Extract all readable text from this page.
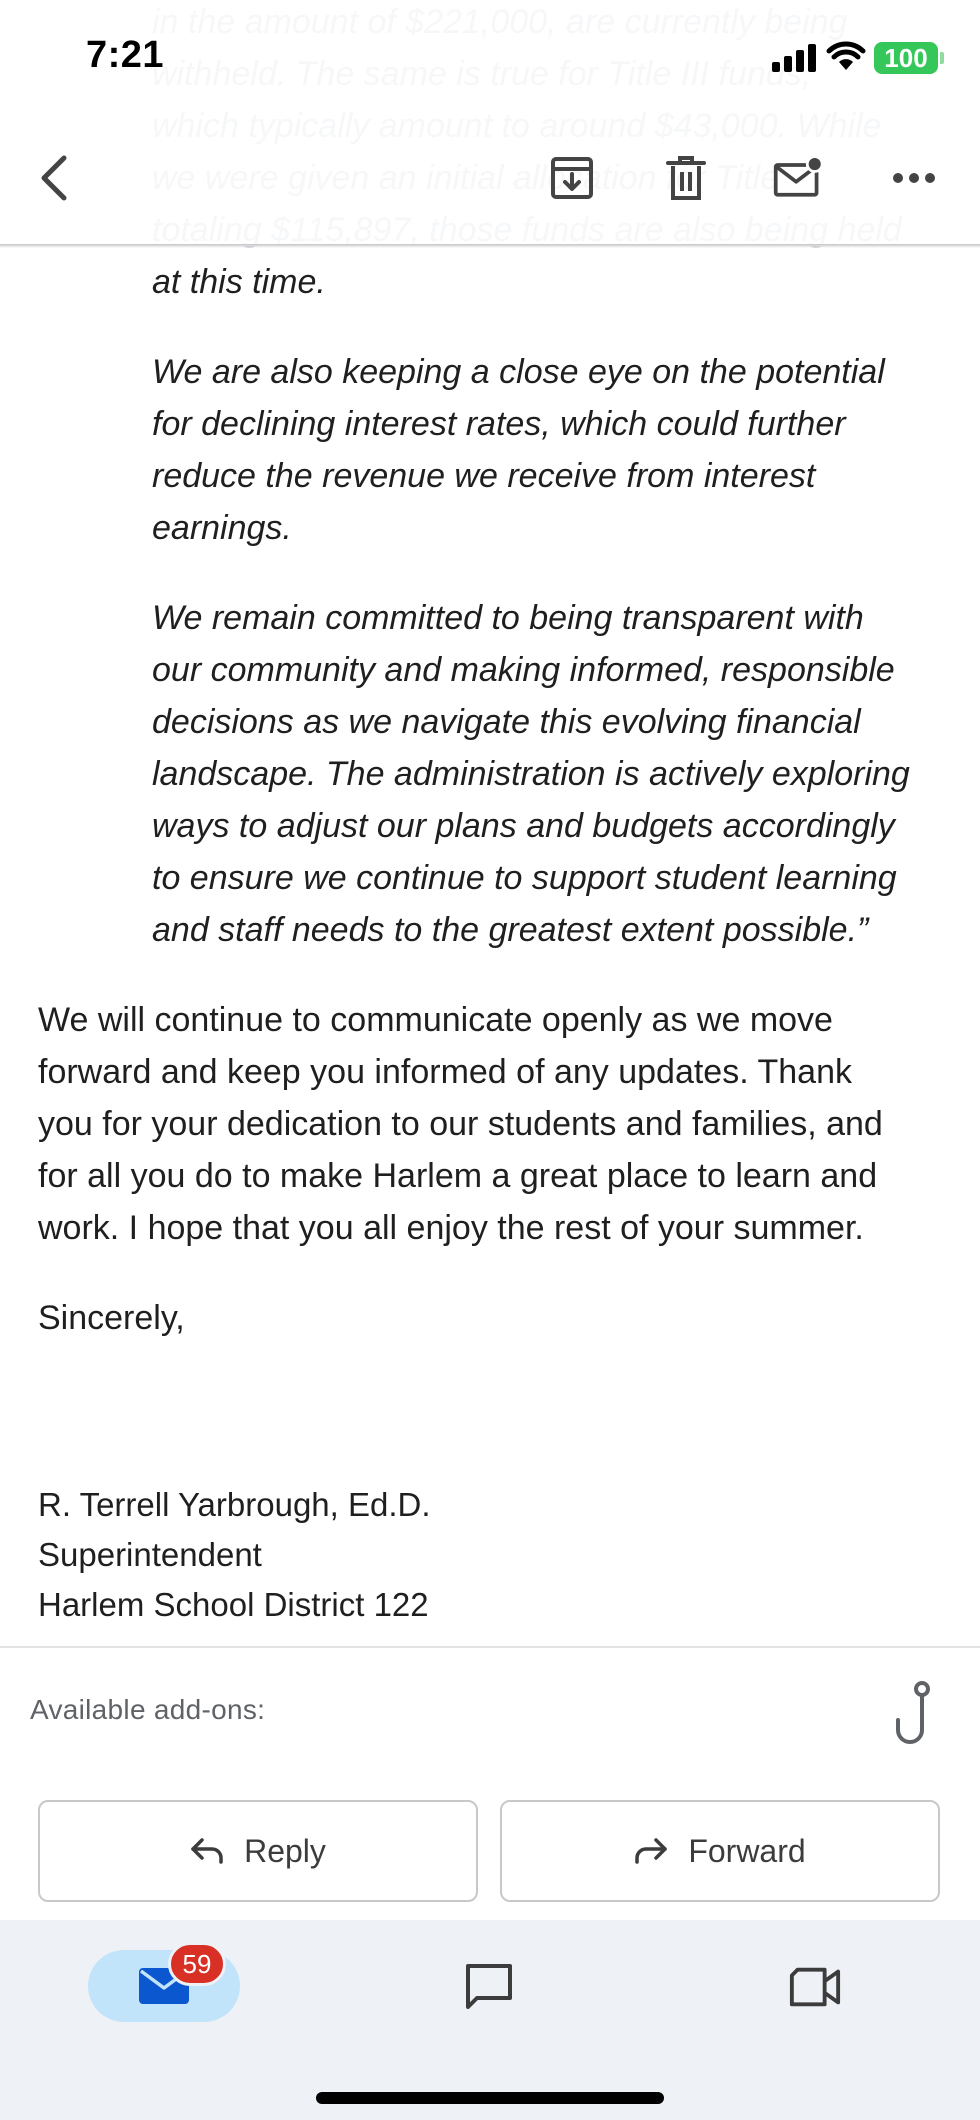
at this time.
We are also keeping a close eye on the potential
for declining interest rates, which could further
reduce the revenue we receive from interest
earnings.
We remain committed to being transparent with
our community and making informed, responsible
decisions as we navigate this evolving financial
landscape. The administration is actively exploring
ways to adjust our plans and budgets accordingly
to ensure we continue to support student learning
and staff needs to the greatest extent possible.”
We will continue to communicate openly as we move
forward and keep you informed of any updates. Thank
you for your dedication to our students and families, and
for all you do to make Harlem a great place to learn and
work. I hope that you all enjoy the rest of your summer.
Sincerely,
R. Terrell Yarbrough, Ed.D.
Superintendent
Harlem School District 122
7:21	100
Available add-ons:
Reply	Forward
59
